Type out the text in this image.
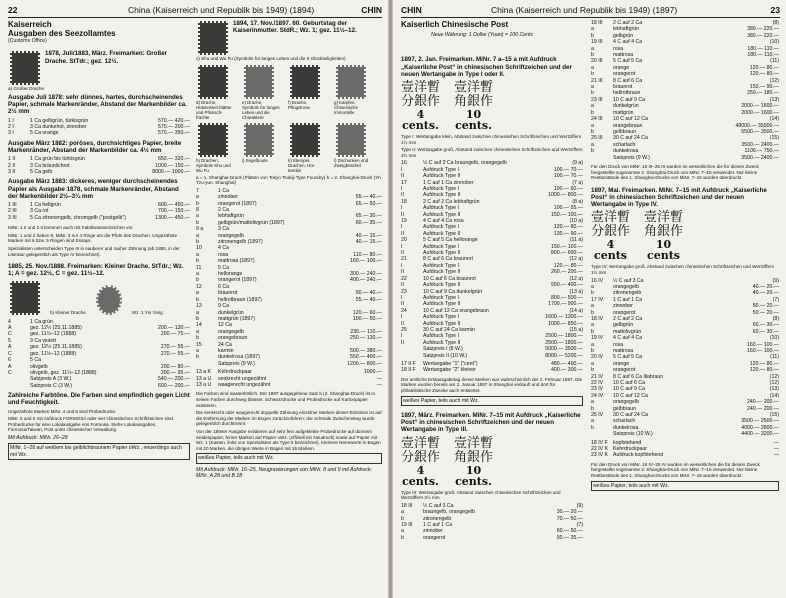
22	China (Kaiserreich und Republik bis 1949) (1894)	CHIN
Kaiserreich
Ausgaben des Seezollamtes

(Customs Office)

1878, Juli/1883, März. Freimarken: Großer Drache. StTdr.; gez. 12½.

a) Großer Drache

Ausgabe Juli 1878: sehr dünnes, hartes, durchscheinendes Papier, schmale Markenränder, Abstand der Markenbilder ca. 2½ mm

1 I	1 Ca gelbgrün, türkisgrün	570.— 420.—
2 I	3 Ca dunkelrot, zinnober	570.— 200.—
3 I	5 Ca orange	570.— 350.—

Ausgabe März 1882: poröses, durchsichtiges Papier, breite Markenränder, Abstand der Markenbilder ca. 4½ mm

1 II	1 Ca grün bis türkisgrün	650.— 320.—
2 II	3 Ca bräunlichrot	1000.— 150.—
3 II	5 Ca gelb	8000.— 1000.—

Ausgabe März 1883: dickeres, weniger durchscheinendes Papier als Ausgabe 1878, schmale Markenränder, Abstand der Markenbilder 2½–3¼ mm

1 III	1 Ca hellgrün	600.— 450.—
2 III	3 Ca rot	700.— 150.—
3 III	5 Ca zitronengelb, chromgelb ("postgelb")	1300.— 450.—

MiNr. 1 II und 2 II kommen auch mit Fabrikwasserzeichen vor.

MiNr. 1 und 2 haben 5, MiNr. 3 nur 4 Ringe um die Pfote des Drachen. Ungezähnte Marken mit 6 bzw. 5 Ringen sind Essays.

Spezialisten unterscheiden Type III in sauberer und rauher Zähnung (ab 1885, in der Literatur gelegentlich als Type IV bezeichnet).

1885, 25. Nov./1888. Freimarken: Kleiner Drache. StTdr.; Wz. 1; A = gez. 12½, C = gez. 11½–12.

b) Kleiner Drache	Wz. 1 Yin Yang
4	1 Ca grün
A	gez. 12½ (25.11.1885)	200.— 130.—
C	gez. 11½–12 (1888)	200.— 75.—
5	3 Ca violett
A	gez. 12½ (25.11.1885)	270.— 55.—
C	gez. 11½–12 (1888)	270.— 55.—
6	5 Ca
A	olivgelb	200.— 80.—
C	olivgelb, gez. 11½–12 (1888)	200.— 95.—
Satzpreis A (3 W.)	540.— 200.—
Satzpreis C (3 W.)	600.— 200.—

Zahlreiche Farbtöne. Die Farben sind empfindlich gegen Licht und Feuchtigkeit.

Ungezähnte Marken MiNr. 4 und 6 sind Probedrucke.

MiNr. 5 und 6 mit Aufdruck FORMOSA oder vier chinesischen Schriftzeichen sind Probedrucke für eine Lokalausgabe von Formosa. Siehe Lokalausgaben, Formosa/Taiwan, Post unter chinesischer Verwaltung.

Mit Aufdruck: MiNr. 26–28

MiNr. 1–28 auf weißem bis gelblichbraunem Papier oWz., neuerdings auch mit Wz.
1894, 17. Nov./1897. 60. Geburtstag der Kaiserinmutter. StdR.; Wz. 1; gez. 11½–12.

c) Shu und Wu Fu (Symbole für langes Leben und die 5 Glückseligkeiten)

d) Drache, Hüteleisten-blätter und Pfirsisch-früchte
e) Drache, Symbole für langes Leben und die Charaktere
f) Drache, Pfingstrose
g) Karpfen, Chinesische Immortelle
h) Drachen, Symbole Shu und Wu Fu
i) Segelboote	k) Stempel, Drachen, Hoi-teenbe
l) Dschunken und Zweigbüschel

a = 1. Shanghai-Druck (Platten von Tokyo Tsukiji Type Foundry) b = 2. Shanghai-Druck (Yh Tzu-yun, Shanghai)

7	1 Ca
a	zinnober	55.— 40.—
b	orangerot (1897)	65.— 50.—
8	2 Ca
a	lebhaftgrün	65.— 30.—
b	gelbgrün/mattolivgrün (1897)	60.— 35.—
9 a	3 Ca
a	orangegelb	40.— 15.—
b	zitronengelb (1897)	40.— 15.—
10	4 Ca
a	rosa	110.— 80.—
b	mattrosa (1897)	160.— 100.—
11	5 Ca
a	hellorange	300.— 240.—
b	orangerot (1897)	400.— 240.—
12	6 Ca
a	braunrot	50.— 40.—
b	hellrotbraun (1897)	55.— 40.—
13	9 Ca
a	dunkelgrün	120.— 60.—
b	mattgrün (1897)	100.— 50.—
14	12 Ca
a	orangegelb	230.— 110.—
b	orangebraun	250.— 130.—
15	24 Ca
a	karmin	500.— 380.—
b	dunkelrosa (1897)	550.— 400.—
Satzpreis (9 W.)	1200.— 800.—
13 a K	Kehrdruckpaar	1000.—
13 a U	senkrecht ungezähnt	—
13 a U	waagerecht ungezähnt	—

Die Farben sind wasserlöslich. Der 1897 ausgegebene Satz b (2. Shanghai-Druck) ist in seinen Farben durchweg blasser. Schwarzdrucke und Probedrucke auf Kartonpapier existieren.

Die senkrecht oder waagerecht doppelte Zähnung einzelner Marken dieser Emission ist auf die Entfernung der Marken im Bogen zurückzuführen; der schmale Zwischensteg wurde gelegentlich durchtrennt.

Von der 1894er Ausgabe existieren auf sehr fein aufgeklebte Probedrucke auf dünnem Seidenpapier, ferner Marken auf Papier oWz. (offiziell ein Neudruck) sowie auf Papier mit Wz. 1 (Kasten, links von Spezialisten als Type II bezeichnet). Kleinere Nennwerte in Bogen mit 20 Marken, die übrigen Werte in Bogen mit 15 Marken.

weißes Papier, teils auch mit Wz.

Mit Aufdruck: MiNr. 16–25, Neugravierungen von MiNr. 8 und 9 mit Aufdruck: MiNr. A 28 und B 28

CHIN	China (Kaiserreich und Republik bis 1949) (1897)	23
Kaiserlich Chinesische Post

Neue Währung: 1 Dollar (Yuan) = 100 Cents

1897, 2. Jan. Freimarken. MiNr. 7 a–15 a mit Aufdruck „Kaiserliche Post“ in chinesischen Schriftzeichen und der neuen Wertangabe in Type I oder II.

壹洋暫
分銀作
4
cents.
壹洋暫
角銀作
10
cents.

Type I: Wertangabe klein, Abstand zwischen chinesischen Schriftzeichen und Wertziffern 1½ mm

Type II: Wertangabe groß, Abstand zwischen chinesischen Schriftzeichen und Wertziffern 2½ mm

16	½ C auf 3 Ca braungelb, orangegelb	(9 a)
I	Aufdruck Type I	100.— 70.—
II	Aufdruck Type II	100.— 70.—
17	1 C auf 1 Ca zinnober	(7 a)
I	Aufdruck Type I	100.— 60.—
II	Aufdruck Type II	1000.— 800.—
18	2 C auf 2 Ca lebhaftgrün	(8 a)
I	Aufdruck Type I	100.— 55.—
II	Aufdruck Type II	150.— 100.—
19	4 C auf 4 Ca rosa	(10 a)
I	Aufdruck Type I	120.— 80.—
II	Aufdruck Type II	130.— 90.—
20	5 C auf 5 Ca hellorange	(11 a)
I	Aufdruck Type I	150.— 100.—
II	Aufdruck Type II	800.— 600.—
21	8 C auf 6 Ca braunrot	(12 a)
I	Aufdruck Type I	120.— 80.—
II	Aufdruck Type II	260.— 200.—
22	10 C auf 6 Ca braunrot	(12 a)
II	Aufdruck Type II	550.— 400.—
23	10 C auf 9 Ca dunkelgrün	(13 a)
I	Aufdruck Type I	800.— 500.—
II	Aufdruck Type II	1700.— 900.—
24	10 C auf 12 Ca orangebraun	(14 a)
I	Aufdruck Type I	1600.— 1300.—
II	Aufdruck Type II	1000.— 850.—
25	30 C auf 24 Ca karmin	(15 a)
I	Aufdruck Type I	2500.— 1800.—
II	Aufdruck Type II	2500.— 1800.—
Satzpreis I (8 W.)	5000.— 3500.—
Satzpreis II (10 W.)	8000.— 5200.—
17 II F	Wertangabe "1" ("cent")	480.— 400.—
18 II F	Wertangabe "2" kleiner	400.— 300.—

Der amtliche Erstausgabetag dieser Marken war wahrscheinlich der 2. Februar 1897. Die Marken wurden bereits am 2. Januar 1897 in Shanghai verkauft und dort für philatelistische Zwecke auch entwertet.

weißes Papier, teils auch mit Wz.

1897, März. Freimarken. MiNr. 7–15 mit Aufdruck „Kaiserliche Post“ in chinesischen Schriftzeichen und der neuen Wertangabe in Type III.

壹洋暫
分銀作
4
cents.
壹洋暫
角銀作
10
cents.

Type III: Wertangabe groß, Abstand zwischen chinesischen Schriftzeichen und Wertziffern 2½ mm

18 III	½ C auf 3 Ca	(9)
a	braungelb, orangegelb	30.— 20.—
b	zitronengelb	70.— 50.—
19 III	1 C auf 1 Ca	(7)
a	zinnober	60.— 50.—
b	orangerot	50.— 35.—
18 III	2 C auf 2 Ca	(8)
a	lebhaftgrün	380.— 220.—
b	gelbgrün	380.— 220.—
19 III	4 C auf 4 Ca	(10)
a	rosa	180.— 110.—
b	mattrosa	180.— 110.—
20 III	5 C auf 5 Ca	(11)
a	orange	120.— 80.—
b	orangerot	120.— 80.—
21 III	8 C auf 6 Ca	(12)
a	braunrot	150.— 90.—
b	hellrotbraun	250.— 180.—
23 III	10 C auf 9 Ca	(13)
a	dunkelgrün	2000.— 1600.—
b	mattgrün	2000.— 1600.—
24 III	10 C auf 12 Ca	(14)
a	orangebraun	48000.— 35000.—
b	gelbbraun	5500.— 3500.—
25 III	30 C auf 24 Ca	(15)
a	scharlach	3500.— 2400.—
b	dunkelrosa	1100.— 750.—
Satzpreis (9 W.)	3500.— 2400.—

Für den Druck von MiNr. 16 III–25 III wurden im wesentlichen die für diesen Zweck hergestellte sogenannte 2. Shanghai-Druck von MiNr. 7–15 verwendet. Nur kleine Restbestände des 1. Shanghai-Drucks von MiNr. 7–15 wurden überdruckt.

1897, Mai. Freimarken. MiNr. 7–15 mit Aufdruck „Kaiserliche Post“ in chinesischen Schriftzeichen und der neuen Wertangabe in Type IV.

壹洋暫
分銀作
4
cents
壹洋暫
角銀作
10
cents

Type IV: Wertangabe groß, Abstand zwischen chinesischen Schriftzeichen und Wertziffern 1½ mm

16 IV	½ C auf 3 Ca	(9)
a	orangegelb	40.— 20.—
b	zitronengelb	40.— 20.—
17 IV	1 C auf 1 Ca	(7)
a	zinnober	50.— 20.—
b	orangerot	50.— 20.—
18 IV	2 C auf 2 Ca	(8)
a	gelbgrün	60.— 30.—
b	mattolivgrün	60.— 30.—
19 IV	4 C auf 4 Ca	(10)
a	rosa	160.— 100.—
b	mattrosa	160.— 100.—
20 IV	5 C auf 5 Ca	(11)
a	orange	120.— 80.—
b	orangerot	120.— 80.—
21 IV	8 C auf 6 Ca lilabraun	(12)
22 IV	10 C auf 6 Ca	(12)
23 IV	10 C auf 9 Ca	(13)
24 IV	10 C auf 12 Ca	(14)
a	orangegelb	240.— 200.—
b	gelbbraun	240.— 200.—
25 IV	30 C auf 24 Ca	(15)
a	scharlach	3500.— 2500.—
b	dunkelrosa	4000.— 2800.—
Satzpreis (10 W.)	4400.— 3200.—
18 IV F	kopfstehend	—
22 IV K Kehrdruckpaar	—
23 IV K Aufdruck kopfstehend	—

Für den Druck von MiNr. 16 IV–25 IV wurden im wesentlichen die für diesen Zweck hergestellte sogenannte 2. Shanghai-Druck von MiNr. 7–15 verwendet. Nur kleine Restbestände des 1. Shanghai-Drucks von MiNr. 7–15 wurden überdruckt.

weißes Papier, teils auch mit Wz.
